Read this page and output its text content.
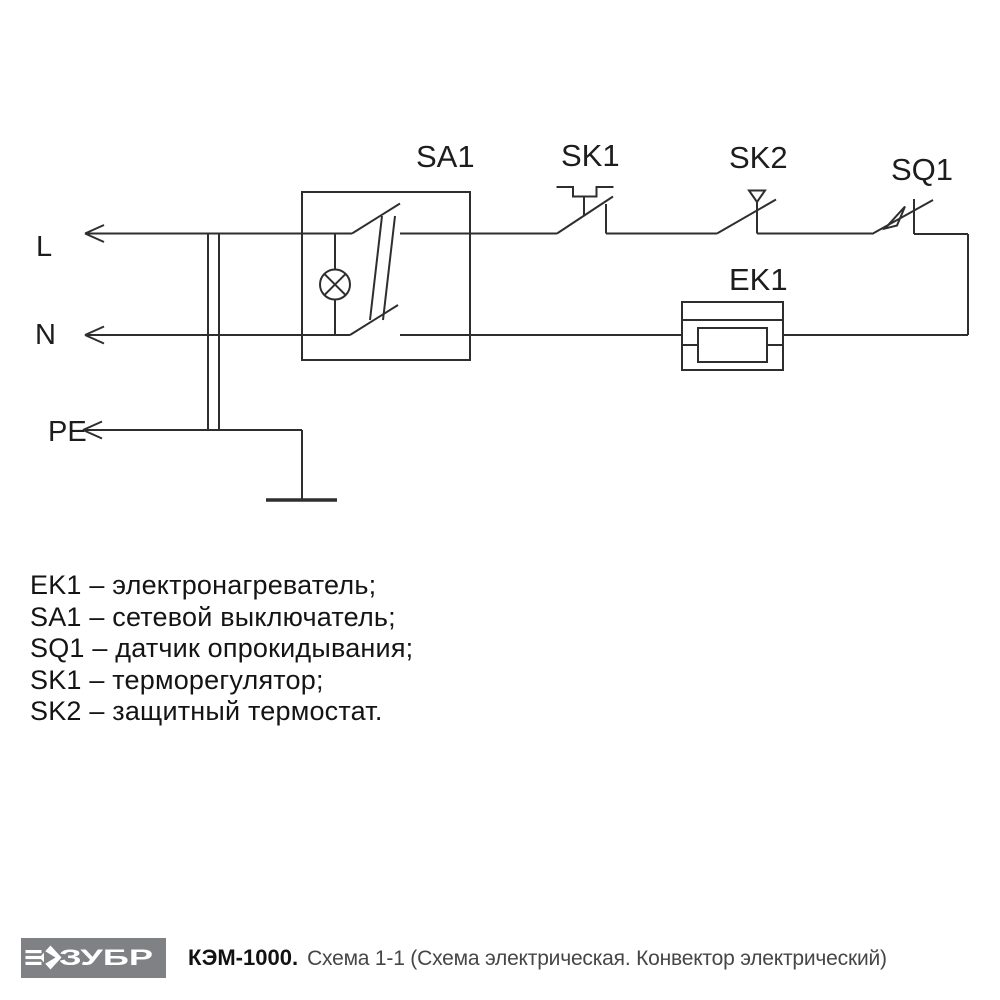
L
N
PE
SA1	SK1	SK2	SQ1
EK1
EK1 – электронагреватель;
SA1 – сетевой выключатель;
SQ1 – датчик опрокидывания;
SK1 – терморегулятор;
SK2 – защитный термостат.
ЗУБР КЭМ-1000. Схема 1-1 (Схема электрическая. Конвектор электрический)
